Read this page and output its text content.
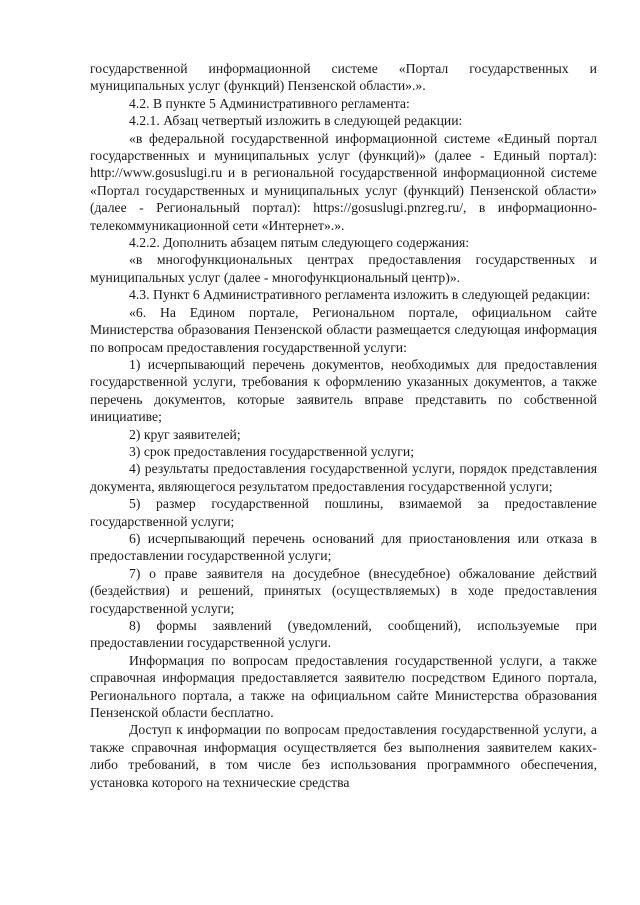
государственной информационной системе «Портал государственных и муниципальных услуг (функций) Пензенской области».».

4.2. В пункте 5 Административного регламента:

4.2.1. Абзац четвертый изложить в следующей редакции:

«в федеральной государственной информационной системе «Единый портал государственных и муниципальных услуг (функций)» (далее - Единый портал): http://www.gosuslugi.ru и в региональной государственной информационной системе «Портал государственных и муниципальных услуг (функций) Пензенской области» (далее - Региональный портал): https://gosuslugi.pnzreg.ru/, в информационно-телекоммуникационной сети «Интернет».».

4.2.2. Дополнить абзацем пятым следующего содержания:

«в многофункциональных центрах предоставления государственных и муниципальных услуг (далее - многофункциональный центр)».

4.3. Пункт 6 Административного регламента изложить в следующей редакции:

«6. На Едином портале, Региональном портале, официальном сайте Министерства образования Пензенской области размещается следующая информация по вопросам предоставления государственной услуги:

1) исчерпывающий перечень документов, необходимых для предоставления государственной услуги, требования к оформлению указанных документов, а также перечень документов, которые заявитель вправе представить по собственной инициативе;

2) круг заявителей;

3) срок предоставления государственной услуги;

4) результаты предоставления государственной услуги, порядок представления документа, являющегося результатом предоставления государственной услуги;

5) размер государственной пошлины, взимаемой за предоставление государственной услуги;

6) исчерпывающий перечень оснований для приостановления или отказа в предоставлении государственной услуги;

7) о праве заявителя на досудебное (внесудебное) обжалование действий (бездействия) и решений, принятых (осуществляемых) в ходе предоставления государственной услуги;

8) формы заявлений (уведомлений, сообщений), используемые при предоставлении государственной услуги.

Информация по вопросам предоставления государственной услуги, а также справочная информация предоставляется заявителю посредством Единого портала, Регионального портала, а также на официальном сайте Министерства образования Пензенской области бесплатно.

Доступ к информации по вопросам предоставления государственной услуги, а также справочная информация осуществляется без выполнения заявителем каких-либо требований, в том числе без использования программного обеспечения, установка которого на технические средства
